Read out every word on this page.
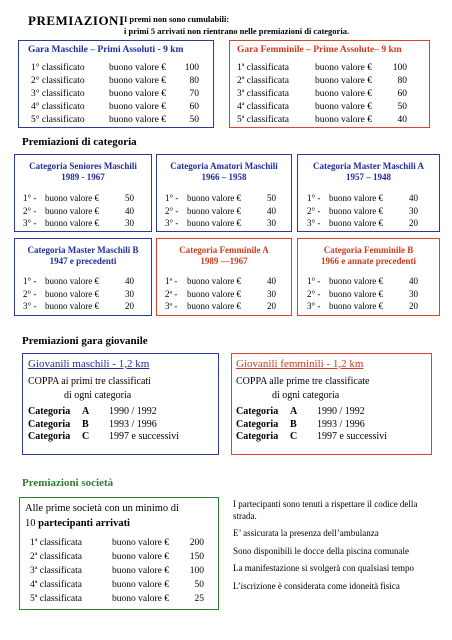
PREMIAZIONI I premi non sono cumulabili:
i primi 5 arrivati non rientrano nelle premiazioni di categoria.
Gara Maschile – Primi Assoluti - 9 km
1° classificato	buono valore €	100
2° classificato	buono valore €	80
3° classificato	buono valore €	70
4° classificato	buono valore €	60
5° classificato	buono valore €	50
Gara Femminile – Prime Assolute– 9 km
1ª classificata	buono valore €	100
2ª classificata	buono valore €	80
3ª classificata	buono valore €	60
4ª classificata	buono valore €	50
5ª classificata	buono valore €	40
Premiazioni di categoria
Categoria Seniores Maschili
1989 - 1967
1° - buono valore €	50
2° - buono valore €	40
3° - buono valore €	30
Categoria Amatori Maschili
1966 – 1958
1° - buono valore €	50
2° - buono valore €	40
3° - buono valore €	30
Categoria Master Maschili A
1957 – 1948
1° - buono valore €	40
2° - buono valore €	30
3° - buono valore €	20
Categoria Master Maschili B
1947 e precedenti
1° - buono valore €	40
2° - buono valore €	30
3° - buono valore €	20
Categoria Femminile A
1989 —1967
1ª - buono valore €	40
2ª - buono valore €	30
3ª - buono valore €	20
Categoria Femminile B
1966 e annate precedenti
1° - buono valore €	40
2° - buono valore €	30
3° - buono valore €	20
Premiazioni gara giovanile
Giovanili maschili - 1,2 km
COPPA ai primi tre classificati
di ogni categoria
Categoria A 1990 / 1992
Categoria B 1993 / 1996
Categoria C 1997 e successivi
Giovanili femminili - 1,2 km
COPPA alle prime tre classificate
di ogni categoria
Categoria A 1990 / 1992
Categoria B 1993 / 1996
Categoria C 1997 e successivi
Premiazioni società
Alle prime società con un minimo di
10 partecipanti arrivati
1ª classificata	buono valore € 200
2ª classificata	buono valore € 150
3ª classificata	buono valore € 100
4ª classificata	buono valore €	50
5ª classificata	buono valore €	25

I partecipanti sono tenuti a rispettare il codice della strada.

E’ assicurata la presenza dell’ambulanza

Sono disponibili le docce della piscina comunale

La manifestazione si svolgerà con qualsiasi tempo

L’iscrizione è considerata come idoneità fisica
